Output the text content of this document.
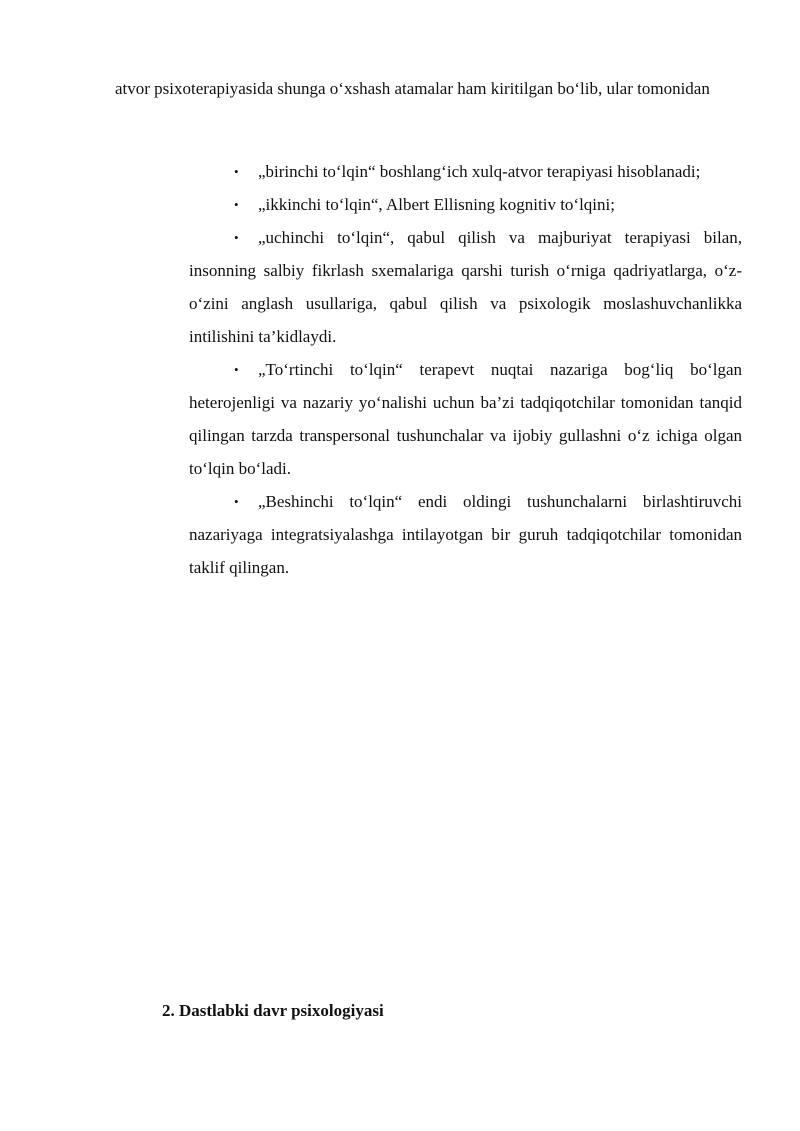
atvor psixoterapiyasida shunga o‘xshash atamalar ham kiritilgan bo‘lib, ular tomonidan

• „birinchi to‘lqin“ boshlang‘ich xulq-atvor terapiyasi hisoblanadi;
• „ikkinchi to‘lqin“, Albert Ellisning kognitiv to‘lqini;
• „uchinchi to‘lqin“, qabul qilish va majburiyat terapiyasi bilan, insonning salbiy fikrlash sxemalariga qarshi turish o‘rniga qadriyatlarga, o‘z-o‘zini anglash usullariga, qabul qilish va psixologik moslashuvchanlikka intilishini ta’kidlaydi.
• „To‘rtinchi to‘lqin“ terapevt nuqtai nazariga bog‘liq bo‘lgan heterojenligi va nazariy yo‘nalishi uchun ba’zi tadqiqotchilar tomonidan tanqid qilingan tarzda transpersonal tushunchalar va ijobiy gullashni o‘z ichiga olgan to‘lqin bo‘ladi.
• „Beshinchi to‘lqin“ endi oldingi tushunchalarni birlashtiruvchi nazariyaga integratsiyalashga intilayotgan bir guruh tadqiqotchilar tomonidan taklif qilingan.
2. Dastlabki davr psixologiyasi
